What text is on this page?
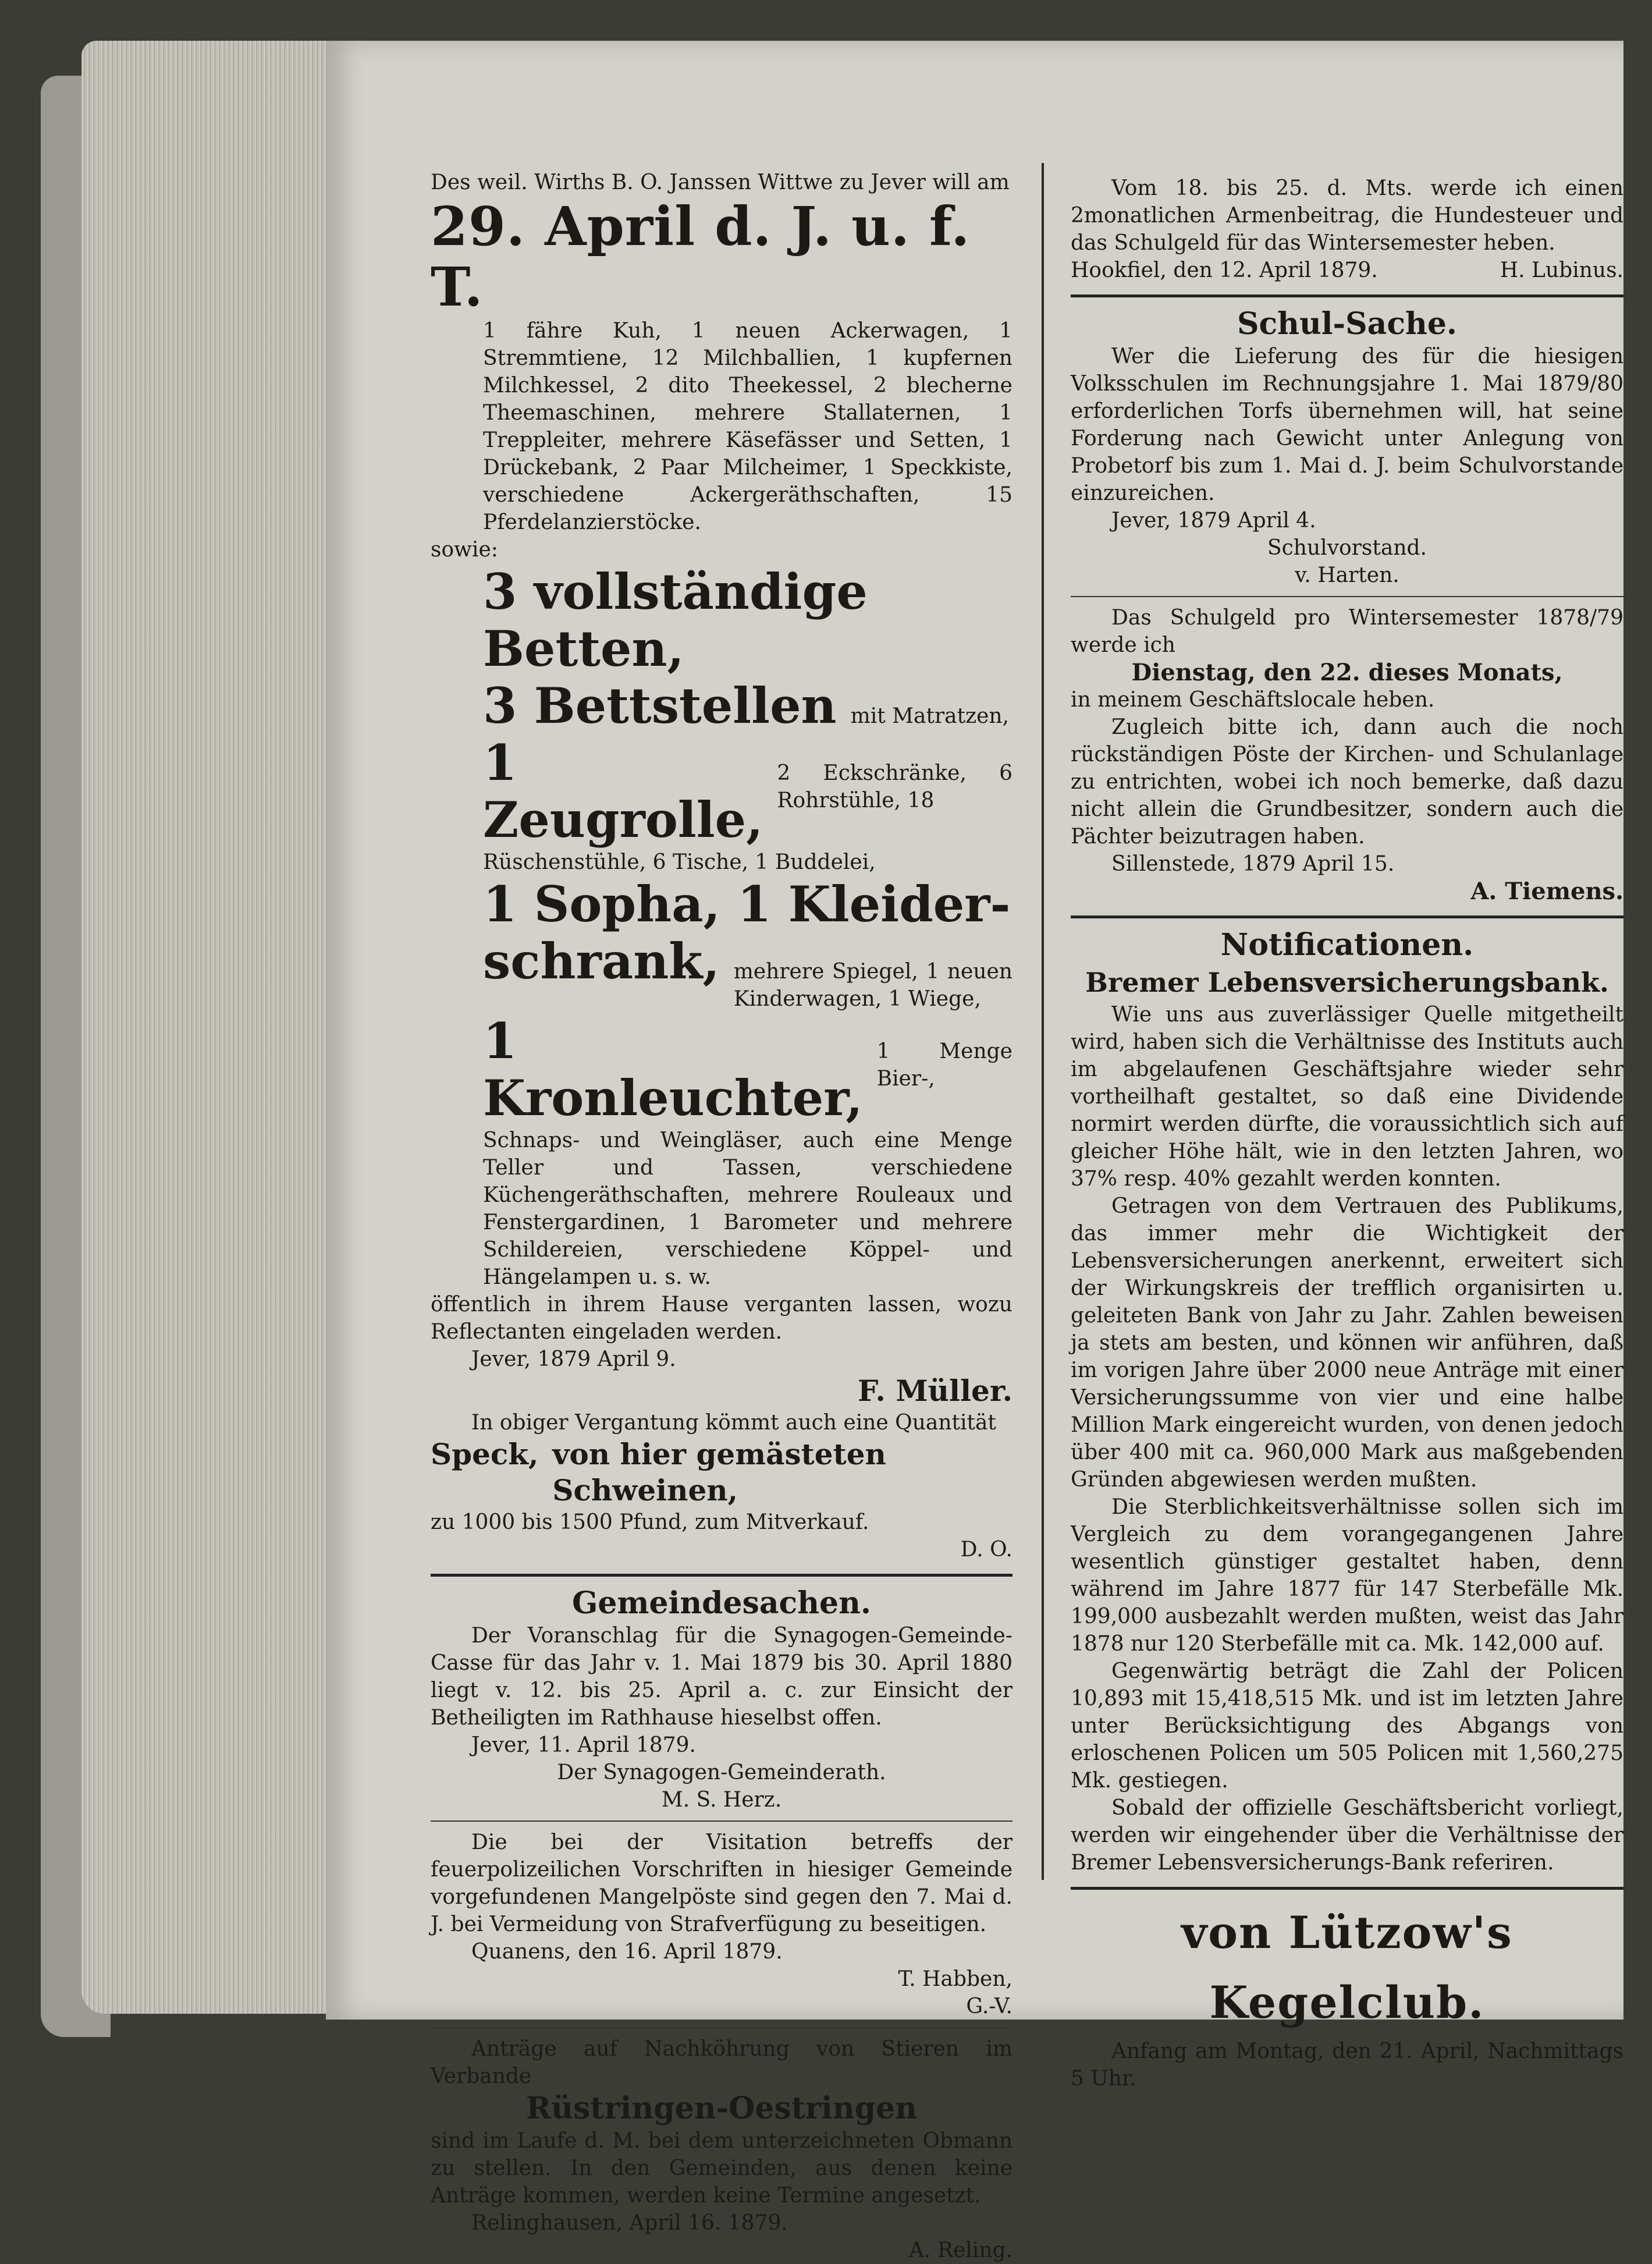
Des weil. Wirths B. O. Janssen Wittwe zu Jever will am

29. April d. J. u. f. T.

1 fähre Kuh, 1 neuen Ackerwagen, 1 Stremmtiene, 12 Milchballien, 1 kupfernen Milchkessel, 2 dito Theekessel, 2 blecherne Theemaschinen, mehrere Stallaternen, 1 Treppleiter, mehrere Käsefässer und Setten, 1 Drückebank, 2 Paar Milcheimer, 1 Speckkiste, verschiedene Ackergeräthschaften, 15 Pferdelanzierstöcke.

sowie:

3 vollständige Betten,

3 Bettstellen mit Matratzen,
1 Zeugrolle,
2 Eckschränke, 6 Rohrstühle, 18

Rüschenstühle, 6 Tische, 1 Buddelei,

1 Sopha, 1 Kleider-

schrank, mehrere Spiegel, 1 neuen Kinderwagen, 1 Wiege,
1 Kronleuchter,
1 Menge Bier-,

Schnaps- und Weingläser, auch eine Menge Teller und Tassen, verschiedene Küchengeräthschaften, mehrere Rouleaux und Fenstergardinen, 1 Barometer und mehrere Schildereien, verschiedene Köppel- und Hängelampen u. s. w.

öffentlich in ihrem Hause verganten lassen, wozu Reflectanten eingeladen werden.

Jever, 1879 April 9.

F. Müller.

In obiger Vergantung kömmt auch eine Quantität

Speck, von hier gemästeten Schweinen,

zu 1000 bis 1500 Pfund, zum Mitverkauf.

D. O.

Gemeindesachen.

Der Voranschlag für die Synagogen-Gemeinde-Casse für das Jahr v. 1. Mai 1879 bis 30. April 1880 liegt v. 12. bis 25. April a. c. zur Einsicht der Betheiligten im Rathhause hieselbst offen.

Jever, 11. April 1879.

Der Synagogen-Gemeinderath.

M. S. Herz.

Die bei der Visitation betreffs der feuerpolizeilichen Vorschriften in hiesiger Gemeinde vorgefundenen Mangelpöste sind gegen den 7. Mai d. J. bei Vermeidung von Strafverfügung zu beseitigen.

Quanens, den 16. April 1879.

T. Habben,

G.-V.

Anträge auf Nachköhrung von Stieren im Verbande

Rüstringen-Oestringen

sind im Laufe d. M. bei dem unterzeichneten Obmann zu stellen. In den Gemeinden, aus denen keine Anträge kommen, werden keine Termine angesetzt.

Relinghausen, April 16. 1879.

A. Reling.

Vom 18. bis 25. d. Mts. werde ich einen 2monatlichen Armenbeitrag, die Hundesteuer und das Schulgeld für das Wintersemester heben.

Hookfiel, den 12. April 1879.	H. Lubinus.

Schul-Sache.

Wer die Lieferung des für die hiesigen Volksschulen im Rechnungsjahre 1. Mai 1879/80 erforderlichen Torfs übernehmen will, hat seine Forderung nach Gewicht unter Anlegung von Probetorf bis zum 1. Mai d. J. beim Schulvorstande einzureichen.

Jever, 1879 April 4.

Schulvorstand.

v. Harten.

Das Schulgeld pro Wintersemester 1878/79 werde ich

Dienstag, den 22. dieses Monats,

in meinem Geschäftslocale heben.

Zugleich bitte ich, dann auch die noch rückständigen Pöste der Kirchen- und Schulanlage zu entrichten, wobei ich noch bemerke, daß dazu nicht allein die Grundbesitzer, sondern auch die Pächter beizutragen haben.

Sillenstede, 1879 April 15.

A. Tiemens.

Notificationen.

Bremer Lebensversicherungsbank.

Wie uns aus zuverlässiger Quelle mitgetheilt wird, haben sich die Verhältnisse des Instituts auch im abgelaufenen Geschäftsjahre wieder sehr vortheilhaft gestaltet, so daß eine Dividende normirt werden dürfte, die voraussichtlich sich auf gleicher Höhe hält, wie in den letzten Jahren, wo 37% resp. 40% gezahlt werden konnten.

Getragen von dem Vertrauen des Publikums, das immer mehr die Wichtigkeit der Lebensversicherungen anerkennt, erweitert sich der Wirkungskreis der trefflich organisirten u. geleiteten Bank von Jahr zu Jahr. Zahlen beweisen ja stets am besten, und können wir anführen, daß im vorigen Jahre über 2000 neue Anträge mit einer Versicherungssumme von vier und eine halbe Million Mark eingereicht wurden, von denen jedoch über 400 mit ca. 960,000 Mark aus maßgebenden Gründen abgewiesen werden mußten.

Die Sterblichkeitsverhältnisse sollen sich im Vergleich zu dem vorangegangenen Jahre wesentlich günstiger gestaltet haben, denn während im Jahre 1877 für 147 Sterbefälle Mk. 199,000 ausbezahlt werden mußten, weist das Jahr 1878 nur 120 Sterbefälle mit ca. Mk. 142,000 auf.

Gegenwärtig beträgt die Zahl der Policen 10,893 mit 15,418,515 Mk. und ist im letzten Jahre unter Berücksichtigung des Abgangs von erloschenen Policen um 505 Policen mit 1,560,275 Mk. gestiegen.

Sobald der offizielle Geschäftsbericht vorliegt, werden wir eingehender über die Verhältnisse der Bremer Lebensversicherungs-Bank referiren.

von Lützow's Kegelclub.

Anfang am Montag, den 21. April, Nachmittags 5 Uhr.
